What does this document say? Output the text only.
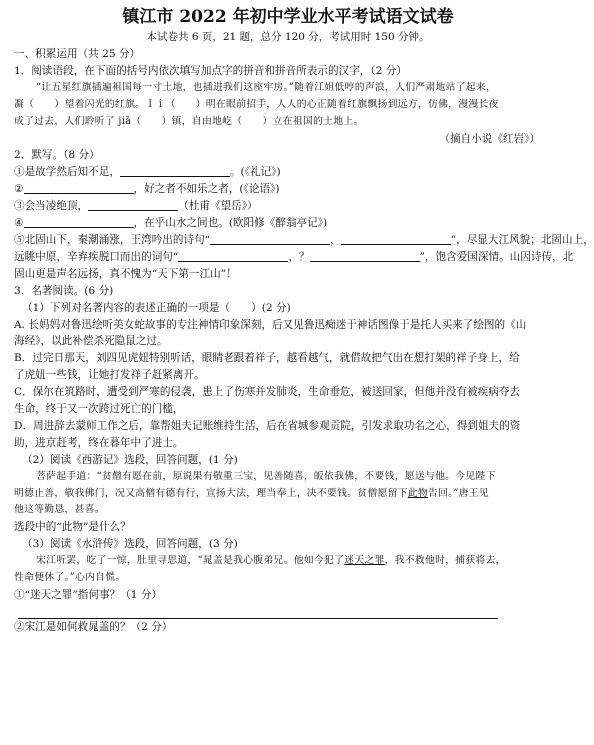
镇江市 2022 年初中学业水平考试语文试卷
本试卷共 6 页，21 题，总分 120 分，考试用时 150 分钟。
一、积累运用（共 25 分）
1．阅读语段，在下面的括号内依次填写加点字的拼音和拼音所表示的汉字，（2 分）
“让五星红旗插遍祖国每一寸土地，也插进我们这座牢房。”随着江姐低哼的声浪，人们严肃地站了起来，
凝（　　）望着闪光的红旗。Ｉｉ（　　）明在眼前招手，人人的心正随着红旗飘扬到远方，仿佛，漫漫长夜
成了过去，人们聆听了 jiā（　　）镇，自由地屹（　　）立在祖国的土地上。
（摘自小说《红岩》）
2．默写。（8 分）
①是故学然后知不足，	。(《礼记》)
②	，好之者不如乐之者，(《论语》)
③会当凌绝顶，	（杜甫《望岳》）
④	，在乎山水之间也。(欧阳修《醉翁亭记》)
⑤北固山下，秦潮涌涨，王湾吟出的诗句“	，	”，尽显大江风貌；北固山上，
远眺中原，辛弃疾脱口而出的词句“	，？	”，饱含爱国深情。山因诗传，北
固山更是声名远扬，真不愧为“天下第一江山”！
3．名著阅读。(6 分)
（1）下列对名著内容的表述正确的一项是（　　）(2 分)
A. 长妈妈对鲁迅绘听美女蛇故事的专注神情印象深刻，后又见鲁迅痴迷于神话图像于是托人买来了绘图的《山
海经》，以此补偿杀死隐鼠之过。
B．过完日那天，刘四见虎妞特别听话，眼睛老跟着祥子，越看越气，就借故把气出在想打架的祥子身上，给
了虎妞一些钱，让她打发祥子赶紧离开。
C．保尔在筑路时，遭受到严寒的侵袭，患上了伤寒并发肺炎，生命垂危，被送回家，但他并没有被疾病夺去
生命，终于又一次跨过死亡的门槛，
D．周进辞去蒙师工作之后，靠帮姐夫记账维持生活，后在省城参观贡院，引发求取功名之心，得到姐夫的资
助，进京赶考，终在暮年中了进士。
（2）阅读《西游记》选段，回答问题，(1 分)
菩萨起手道：“贫僧有愿在前，原说果有敬重三宝，见善随喜，皈依我佛，不要钱，愿送与他。今见陛下
明德止善，敬我佛门，况又高僧有德有行，宣扬大法，理当奉上，决不要钱。贫僧愿留下此物告回。”唐王见
他这等勤恳，甚喜。
选段中的“此物”是什么？
（3）阅读《水浒传》选段，回答问题，(3 分)
宋江听罢，吃了一惊，肚里寻思道，“晁盖是我心腹弟兄。他如今犯了迷天之罪，我不救他时，捕获将去，
性命便休了。”心内自慌。
①“迷天之罪”指何事？（1 分）
②宋江是如何救晁盖的？（2 分）
